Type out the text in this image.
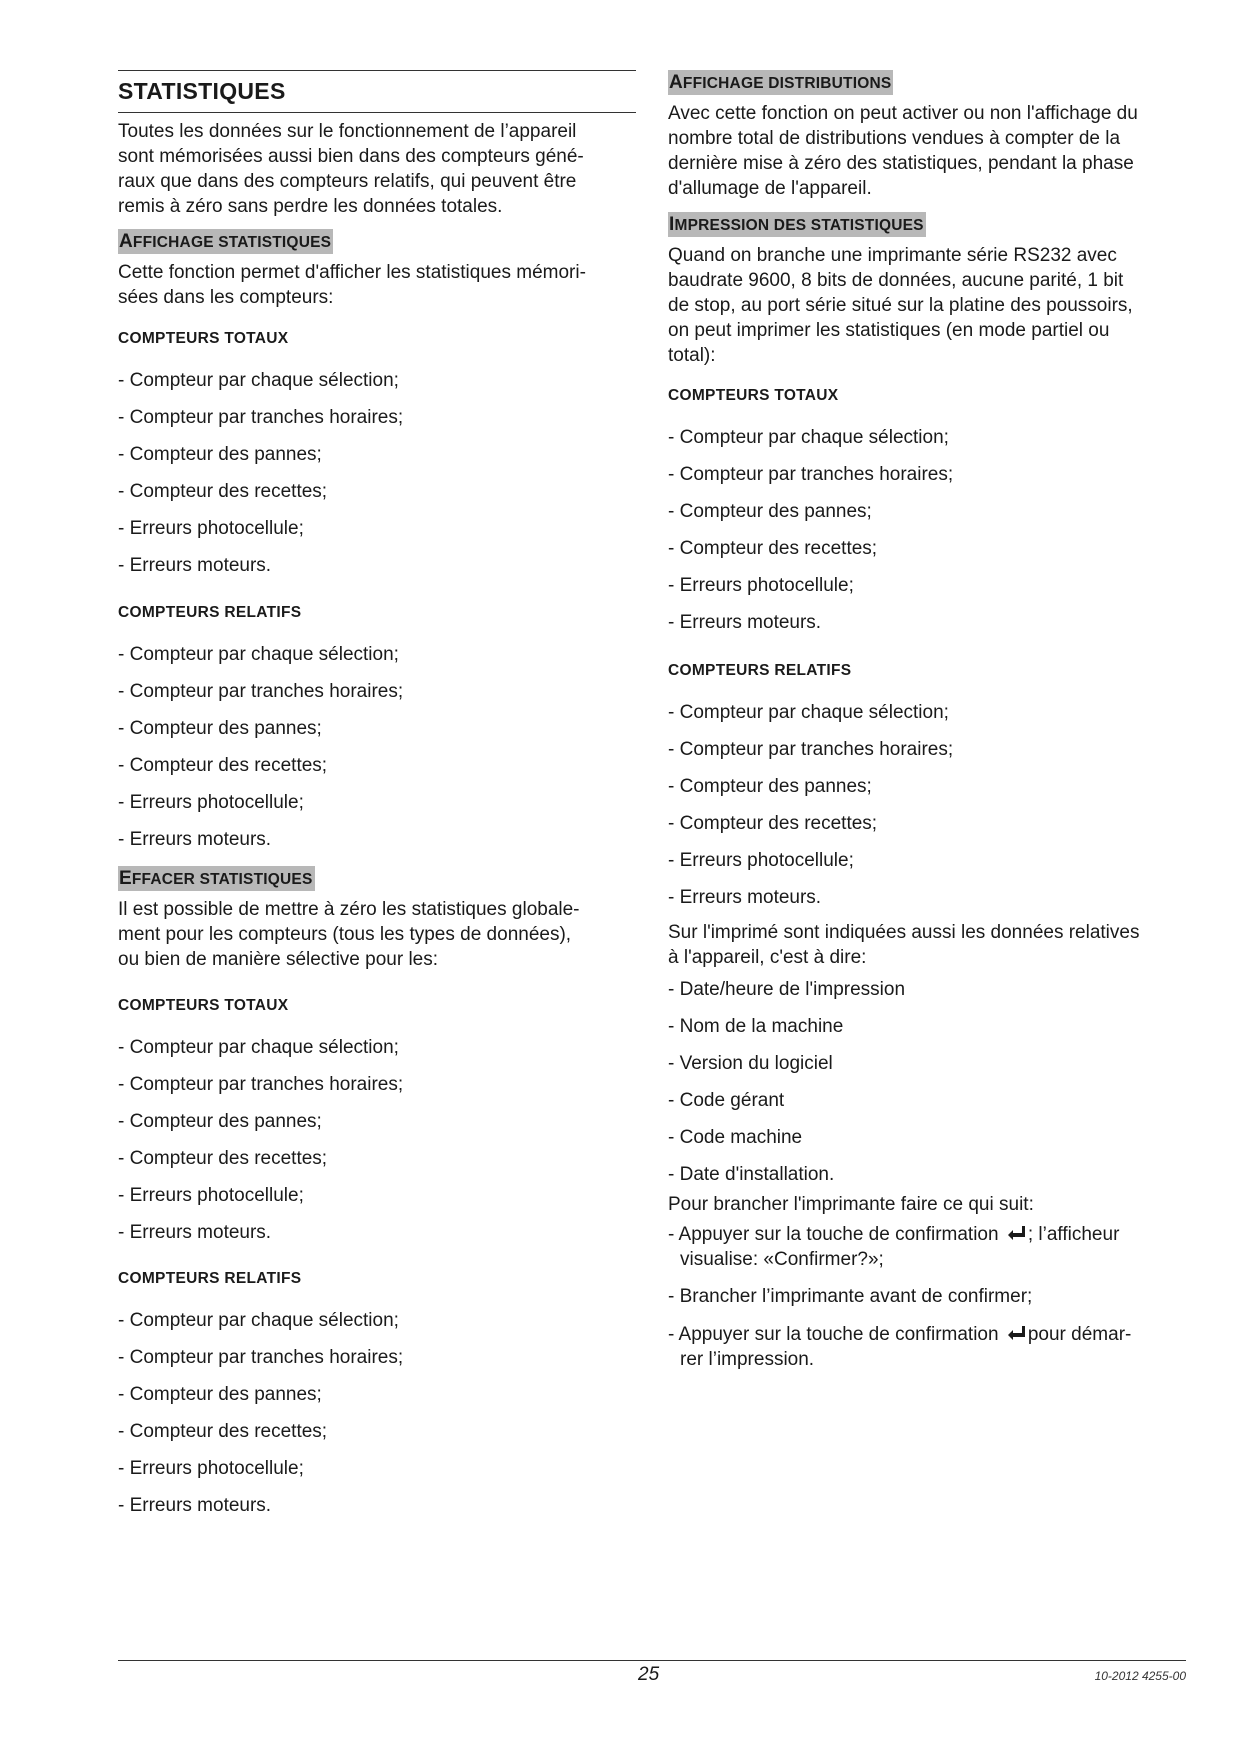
STATISTIQUES
Toutes les données sur le fonctionnement de l’appareil
sont mémorisées aussi bien dans des compteurs géné-
raux que dans des compteurs relatifs, qui peuvent être
remis à zéro sans perdre les données totales.
AFFICHAGE STATISTIQUES
Cette fonction permet d'afficher les statistiques mémori-
sées dans les compteurs:
COMPTEURS TOTAUX
- Compteur par chaque sélection;
- Compteur par tranches horaires;
- Compteur des pannes;
- Compteur des recettes;
- Erreurs photocellule;
- Erreurs moteurs.
COMPTEURS RELATIFS
- Compteur par chaque sélection;
- Compteur par tranches horaires;
- Compteur des pannes;
- Compteur des recettes;
- Erreurs photocellule;
- Erreurs moteurs.
EFFACER STATISTIQUES
Il est possible de mettre à zéro les statistiques globale-
ment pour les compteurs (tous les types de données),
ou bien de manière sélective pour les:
COMPTEURS TOTAUX
- Compteur par chaque sélection;
- Compteur par tranches horaires;
- Compteur des pannes;
- Compteur des recettes;
- Erreurs photocellule;
- Erreurs moteurs.
COMPTEURS RELATIFS
- Compteur par chaque sélection;
- Compteur par tranches horaires;
- Compteur des pannes;
- Compteur des recettes;
- Erreurs photocellule;
- Erreurs moteurs.
AFFICHAGE DISTRIBUTIONS
Avec cette fonction on peut activer ou non l'affichage du
nombre total de distributions vendues à compter de la
dernière mise à zéro des statistiques, pendant la phase
d'allumage de l'appareil.
IMPRESSION DES STATISTIQUES
Quand on branche une imprimante série RS232 avec
baudrate 9600, 8 bits de données, aucune parité, 1 bit
de stop, au port série situé sur la platine des poussoirs,
on peut imprimer les statistiques (en mode partiel ou
total):
COMPTEURS TOTAUX
- Compteur par chaque sélection;
- Compteur par tranches horaires;
- Compteur des pannes;
- Compteur des recettes;
- Erreurs photocellule;
- Erreurs moteurs.
COMPTEURS RELATIFS
- Compteur par chaque sélection;
- Compteur par tranches horaires;
- Compteur des pannes;
- Compteur des recettes;
- Erreurs photocellule;
- Erreurs moteurs.
Sur l'imprimé sont indiquées aussi les données relatives
à l'appareil, c'est à dire:
- Date/heure de l'impression
- Nom de la machine
- Version du logiciel
- Code gérant
- Code machine
- Date d'installation.
Pour brancher l'imprimante faire ce qui suit:
- Appuyer sur la touche de confirmation ; l’afficheur
visualise: «Confirmer?»;
- Brancher l’imprimante avant de confirmer;
- Appuyer sur la touche de confirmation pour démar-
rer l’impression.
25	10-2012 4255-00
